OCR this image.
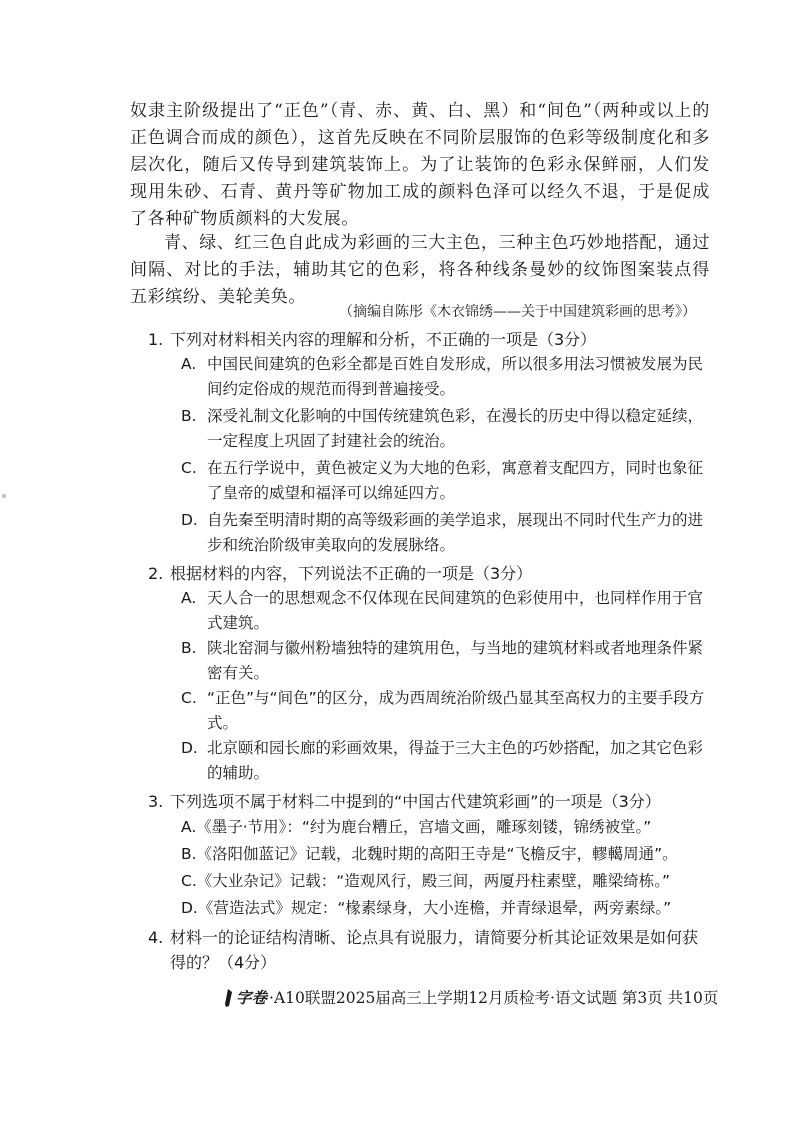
奴隶主阶级提出了“正色”（青、赤、黄、白、黑）和“间色”（两种或以上的正色调合而成的颜色），这首先反映在不同阶层服饰的色彩等级制度化和多层次化，随后又传导到建筑装饰上。为了让装饰的色彩永保鲜丽，人们发现用朱砂、石青、黄丹等矿物加工成的颜料色泽可以经久不退，于是促成了各种矿物质颜料的大发展。

青、绿、红三色自此成为彩画的三大主色，三种主色巧妙地搭配，通过间隔、对比的手法，辅助其它的色彩，将各种线条曼妙的纹饰图案装点得五彩缤纷、美轮美奂。

（摘编自陈彤《木衣锦绣——关于中国建筑彩画的思考》）

1. 下列对材料相关内容的理解和分析，不正确的一项是（3分）
A. 中国民间建筑的色彩全都是百姓自发形成，所以很多用法习惯被发展为民间约定俗成的规范而得到普遍接受。
B. 深受礼制文化影响的中国传统建筑色彩，在漫长的历史中得以稳定延续，一定程度上巩固了封建社会的统治。
C. 在五行学说中，黄色被定义为大地的色彩，寓意着支配四方，同时也象征了皇帝的威望和福泽可以绵延四方。
D. 自先秦至明清时期的高等级彩画的美学追求，展现出不同时代生产力的进步和统治阶级审美取向的发展脉络。
2. 根据材料的内容，下列说法不正确的一项是（3分）
A. 天人合一的思想观念不仅体现在民间建筑的色彩使用中，也同样作用于官式建筑。
B. 陕北窑洞与徽州粉墙独特的建筑用色，与当地的建筑材料或者地理条件紧密有关。
C. “正色”与“间色”的区分，成为西周统治阶级凸显其至高权力的主要手段方式。
D. 北京颐和园长廊的彩画效果，得益于三大主色的巧妙搭配，加之其它色彩的辅助。
3. 下列选项不属于材料二中提到的“中国古代建筑彩画”的一项是（3分）
A.《墨子·节用》：“纣为鹿台糟丘，宫墙文画，雕琢刻镂，锦绣被堂。”
B.《洛阳伽蓝记》记载，北魏时期的高阳王寺是“飞檐反宇，轇轕周通”。
C.《大业杂记》记载：“造观风行，殿三间，两厦丹柱素壁，雕梁绮栋。”
D.《营造法式》规定：“椽素绿身，大小连檐，并青绿退晕，两旁素绿。”
4. 材料一的论证结构清晰、论点具有说服力，请简要分析其论证效果是如何获得的？（4分）
字卷 ·A10联盟2025届高三上学期12月质检考·语文试题 第3页 共10页
